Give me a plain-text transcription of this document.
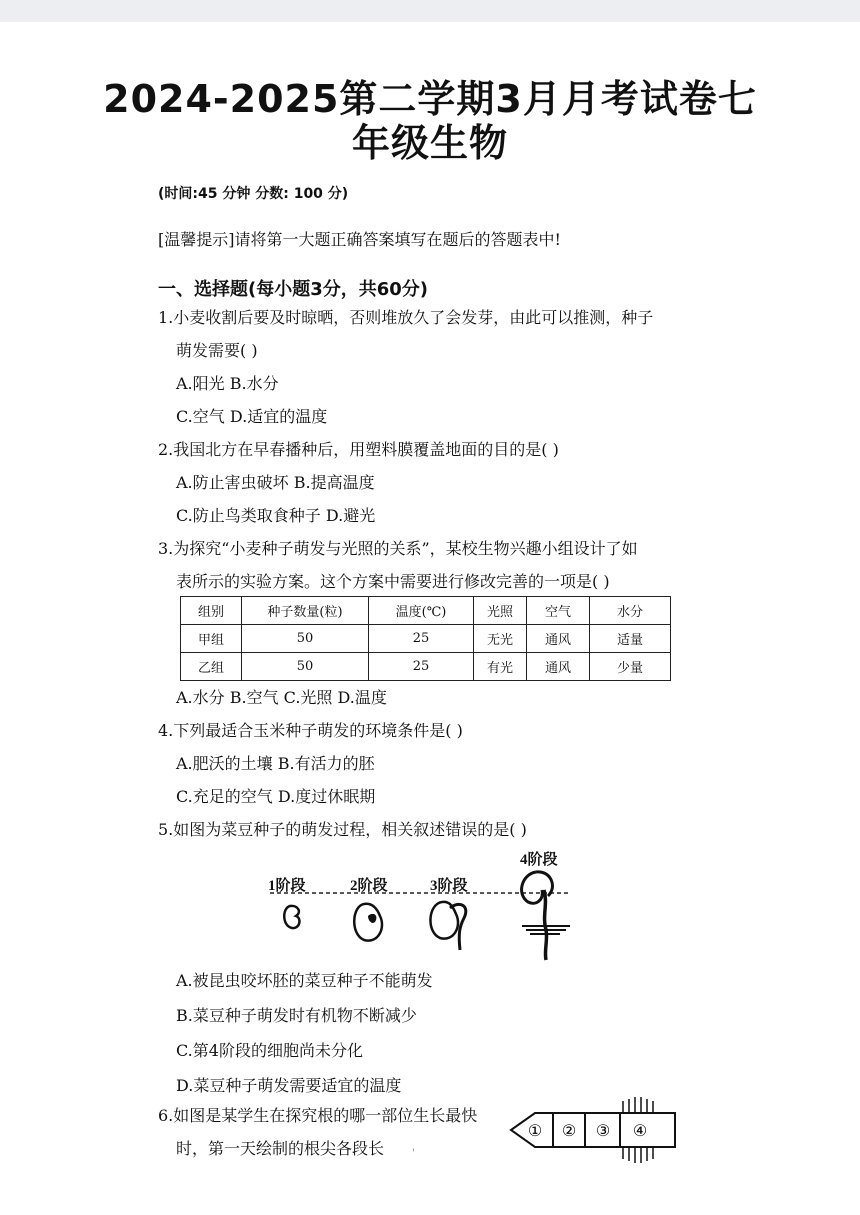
2024-2025第二学期3月月考试卷七
年级生物
(时间:45 分钟 分数: 100 分)
[温馨提示]请将第一大题正确答案填写在题后的答题表中!
一、选择题(每小题3分，共60分)
1.小麦收割后要及时晾晒，否则堆放久了会发芽，由此可以推测，种子
萌发需要( )
A.阳光 B.水分
C.空气 D.适宜的温度
2.我国北方在早春播种后，用塑料膜覆盖地面的目的是( )
A.防止害虫破坏 B.提高温度
C.防止鸟类取食种子 D.避光
3.为探究“小麦种子萌发与光照的关系”，某校生物兴趣小组设计了如
表所示的实验方案。这个方案中需要进行修改完善的一项是( )
组别	种子数量(粒)	温度(℃)	光照	空气	水分
甲组	50	25	无光	通风	适量
乙组	50	25	有光	通风	少量
A.水分 B.空气 C.光照 D.温度
4.下列最适合玉米种子萌发的环境条件是( )
A.肥沃的土壤 B.有活力的胚
C.充足的空气 D.度过休眠期
5.如图为菜豆种子的萌发过程，相关叙述错误的是( )
4阶段
1阶段	2阶段	3阶段
A.被昆虫咬坏胚的菜豆种子不能萌发
B.菜豆种子萌发时有机物不断减少
C.第4阶段的细胞尚未分化
D.菜豆种子萌发需要适宜的温度
6.如图是某学生在探究根的哪一部位生长最快
时，第一天绘制的根尖各段长
① ② ③ ④
'
